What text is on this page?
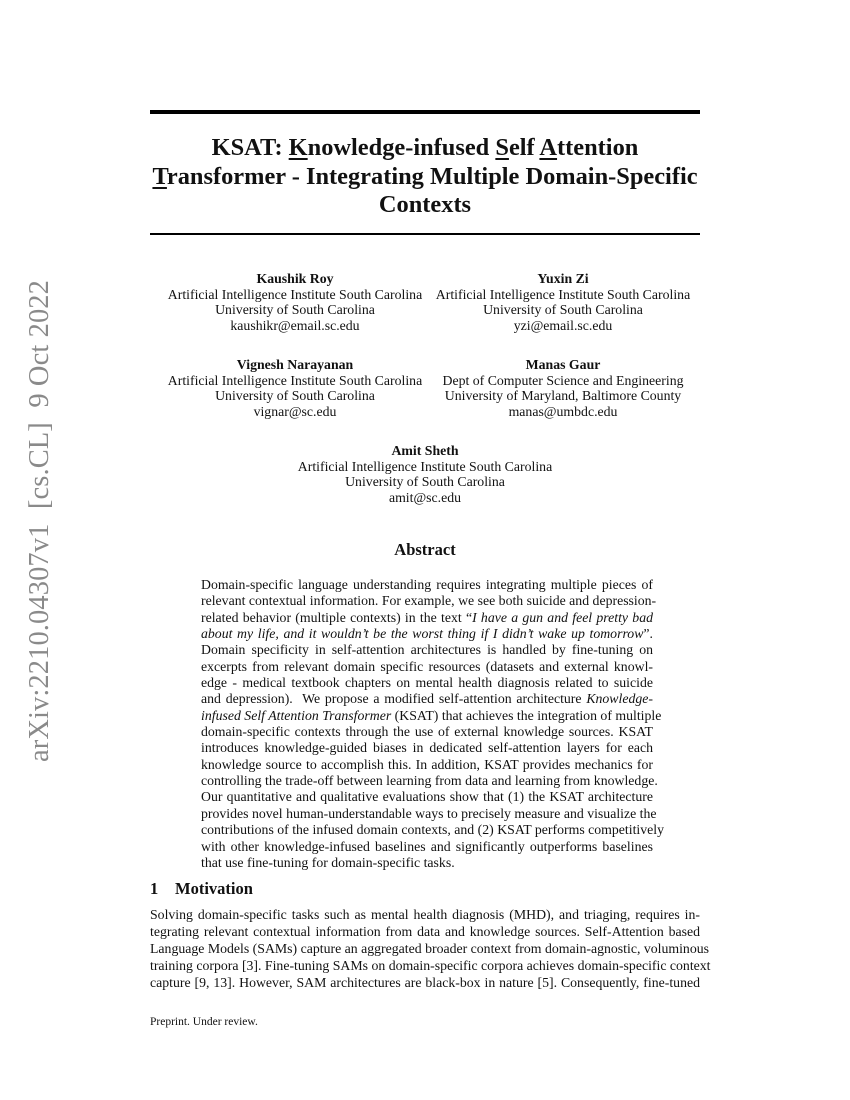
arXiv:2210.04307v1  [cs.CL]  9 Oct 2022
KSAT: Knowledge-infused Self Attention
Transformer - Integrating Multiple Domain-Specific
Contexts
Kaushik Roy
Artificial Intelligence Institute South Carolina
University of South Carolina
kaushikr@email.sc.edu
Yuxin Zi
Artificial Intelligence Institute South Carolina
University of South Carolina
yzi@email.sc.edu
Vignesh Narayanan
Artificial Intelligence Institute South Carolina
University of South Carolina
vignar@sc.edu
Manas Gaur
Dept of Computer Science and Engineering
University of Maryland, Baltimore County
manas@umbdc.edu
Amit Sheth
Artificial Intelligence Institute South Carolina
University of South Carolina
amit@sc.edu
Abstract
Domain-specific language understanding requires integrating multiple pieces of
relevant contextual information. For example, we see both suicide and depression-
related behavior (multiple contexts) in the text “I have a gun and feel pretty bad
about my life, and it wouldn’t be the worst thing if I didn’t wake up tomorrow”.
Domain specificity in self-attention architectures is handled by fine-tuning on
excerpts from relevant domain specific resources (datasets and external knowl-
edge - medical textbook chapters on mental health diagnosis related to suicide
and depression).  We propose a modified self-attention architecture Knowledge-
infused Self Attention Transformer (KSAT) that achieves the integration of multiple
domain-specific contexts through the use of external knowledge sources. KSAT
introduces knowledge-guided biases in dedicated self-attention layers for each
knowledge source to accomplish this. In addition, KSAT provides mechanics for
controlling the trade-off between learning from data and learning from knowledge.
Our quantitative and qualitative evaluations show that (1) the KSAT architecture
provides novel human-understandable ways to precisely measure and visualize the
contributions of the infused domain contexts, and (2) KSAT performs competitively
with other knowledge-infused baselines and significantly outperforms baselines
that use fine-tuning for domain-specific tasks.
1 Motivation
Solving domain-specific tasks such as mental health diagnosis (MHD), and triaging, requires in-
tegrating relevant contextual information from data and knowledge sources. Self-Attention based
Language Models (SAMs) capture an aggregated broader context from domain-agnostic, voluminous
training corpora [3]. Fine-tuning SAMs on domain-specific corpora achieves domain-specific context
capture [9, 13]. However, SAM architectures are black-box in nature [5]. Consequently, fine-tuned

Preprint. Under review.
